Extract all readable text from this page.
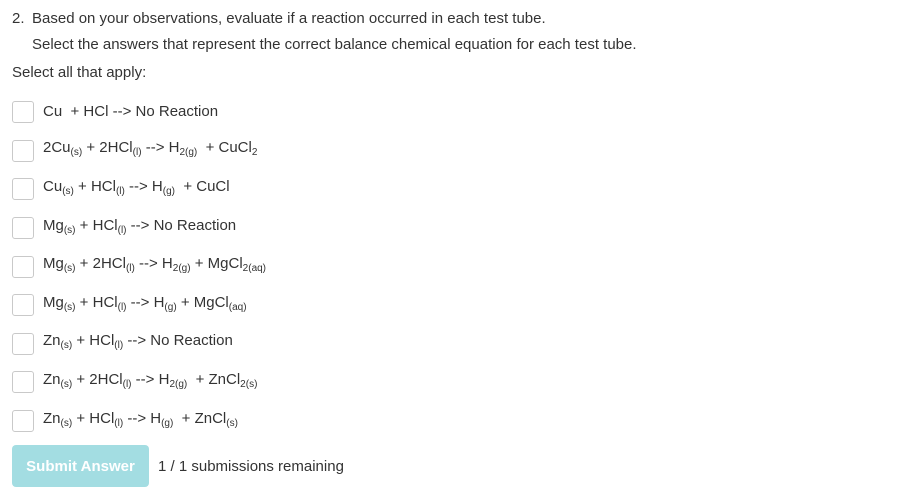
2. Based on your observations, evaluate if a reaction occurred in each test tube.
Select the answers that represent the correct balance chemical equation for each test tube.
Select all that apply:
Cu  + HCl --> No Reaction
$2Cu_{(s)} + 2HCl_{(l)}$ --> $H_{2(g)}$  + CuCl$_2$
$Cu_{(s)} + HCl_{(l)}$ --> $H_{(g)}$  + CuCl
$Mg_{(s)} + HCl_{(l)}$ --> No Reaction
$Mg_{(s)} + 2HCl_{(l)}$ --> $H_{2(g)}$ + MgCl$_{2(aq)}$
$Mg_{(s)} + HCl_{(l)}$ --> $H_{(g)}$ + MgCl$_{(aq)}$
$Zn_{(s)} + HCl_{(l)}$ --> No Reaction
$Zn_{(s)} + 2HCl_{(l)}$ --> $H_{2(g)}$  + ZnCl$_{2(s)}$
$Zn_{(s)} + HCl_{(l)}$ --> $H_{(g)}$  + ZnCl$_{(s)}$
Submit Answer	1 / 1 submissions remaining
